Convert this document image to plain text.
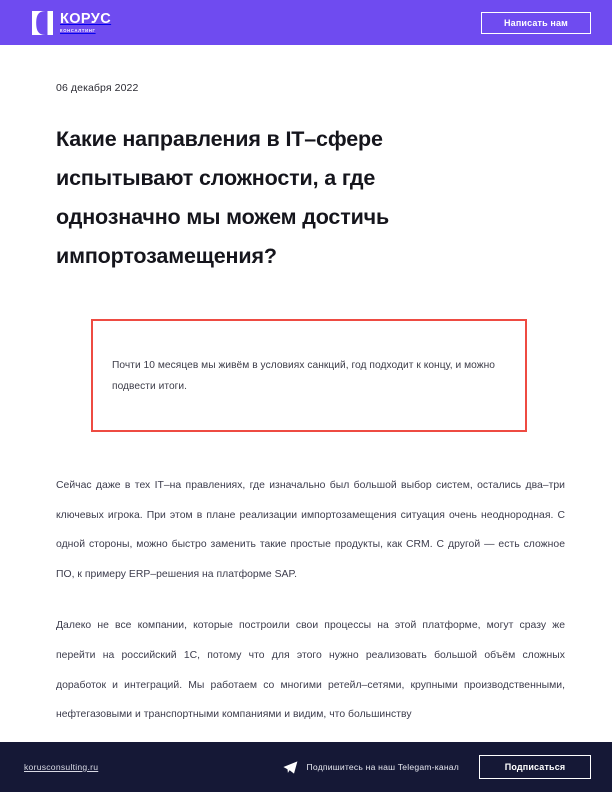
КОРУС
КОНСАЛТИНГ
Написать нам
06 декабря 2022
Какие направления в IT–сфере испытывают сложности, а где однозначно мы можем достичь импортозамещения?

Почти 10 месяцев мы живём в условиях санкций, год подходит к концу, и можно подвести итоги.

Сейчас даже в тех IT–на правлениях, где изначально был большой выбор систем, остались два–три ключевых игрока. При этом в плане реализации импортозамещения ситуация очень неоднородная. С одной стороны, можно быстро заменить такие простые продукты, как CRM. С другой — есть сложное ПО, к примеру ERP–решения на платформе SAP.

Далеко не все компании, которые построили свои процессы на этой платформе, могут сразу же перейти на российский 1С, потому что для этого нужно реализовать большой объём сложных доработок и интеграций. Мы работаем со многими ретейл–сетями, крупными производственными, нефтегазовыми и транспортными компаниями и видим, что большинству

korusconsulting.ru	Подпишитесь на наш Telegam-канал	Подписаться
